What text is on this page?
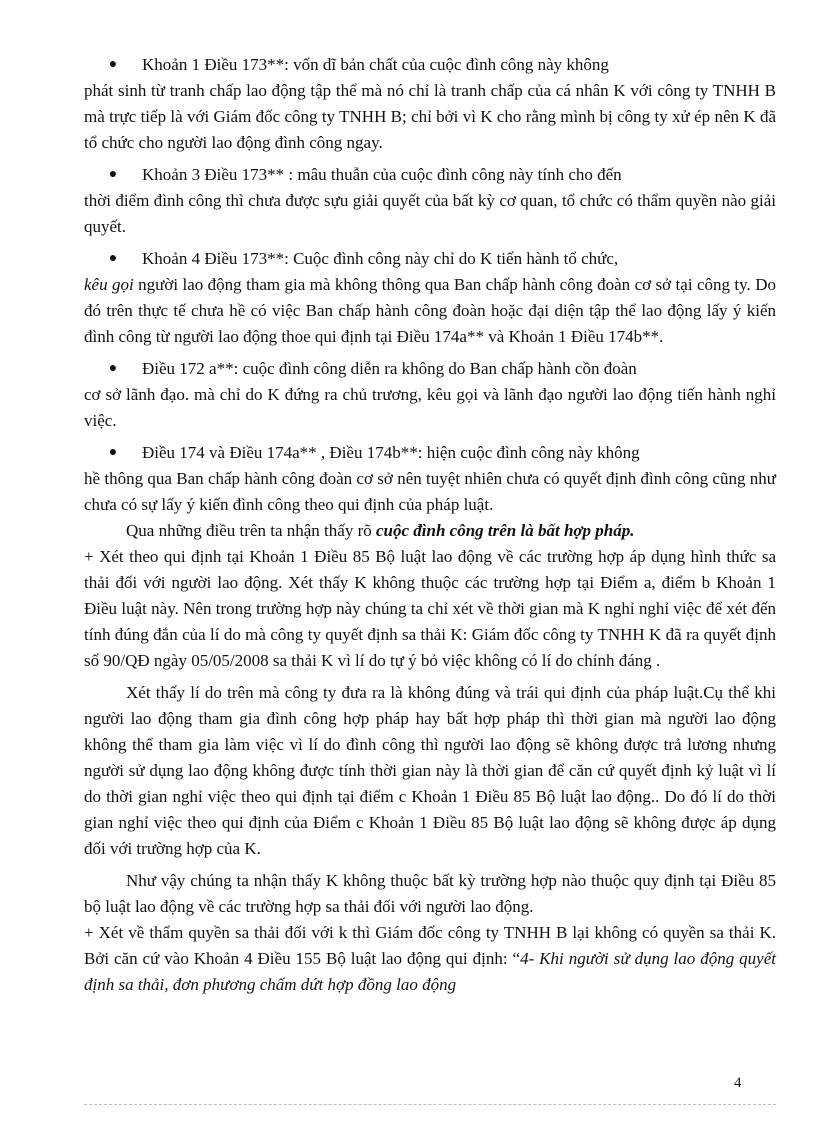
●	Khoản 1 Điều 173**: vốn dĩ bản chất của cuộc đình công này không

phát sinh từ tranh chấp lao động tập thể mà nó chỉ là tranh chấp của cá nhân K với công ty TNHH B mà trực tiếp là với Giám đốc công ty TNHH B; chỉ bởi vì K cho rằng mình bị công ty xử ép nên K đã tổ chức cho người lao động đình công ngay.

●	Khoản 3 Điều 173** : mâu thuẫn của cuộc đình công này tính cho đến

thời điểm đình công thì chưa được sựu giải quyết của bất kỳ cơ quan, tổ chức có thẩm quyền nào giải quyết.

●	Khoản 4 Điều 173**: Cuộc đình công này chỉ do K tiến hành tổ chức,

kêu gọi người lao động tham gia mà không thông qua Ban chấp hành công đoàn cơ sở tại công ty. Do đó trên thực tế chưa hề có việc Ban chấp hành công đoàn hoặc đại diện tập thể lao động lấy ý kiến đình công từ người lao động thoe qui định tại Điều 174a** và Khoản 1 Điều 174b**.

●	Điều 172 a**: cuộc đình công diễn ra không do Ban chấp hành cồn đoàn

cơ sở lãnh đạo. mà chỉ do K đứng ra chủ trương, kêu gọi và lãnh đạo người lao động tiến hành nghỉ việc.

●	Điều 174 và Điều 174a** , Điều 174b**: hiện cuộc đình công này không

hề thông qua Ban chấp hành công đoàn cơ sở nên tuyệt nhiên chưa có quyết định đình công cũng như chưa có sự lấy ý kiến đình công theo qui định của pháp luật.

Qua những điều trên ta nhận thấy rõ cuộc đình công trên là bất hợp pháp.

+ Xét theo qui định tại Khoản 1 Điều 85 Bộ luật lao động về các trường hợp áp dụng hình thức sa thải đối với người lao động. Xét thấy K không thuộc các trường hợp tại Điểm a, điểm b Khoản 1 Điều luật này. Nên trong trường hợp này chúng ta chỉ xét về thời gian mà K nghỉ nghỉ việc để xét đến tính đúng đắn của lí do mà công ty quyết định sa thải K: Giám đốc công ty TNHH K đã ra quyết định số 90/QĐ ngày 05/05/2008 sa thải K vì lí do tự ý bỏ việc không có lí do chính đáng .

Xét thấy lí do trên mà công ty đưa ra là không đúng và trái qui định của pháp luật.Cụ thể khi người lao động tham gia đình công hợp pháp hay bất hợp pháp thì thời gian mà người lao động không thể tham gia làm việc vì lí do đình công thì người lao động sẽ không được trả lương nhưng người sử dụng lao động không được tính thời gian này là thời gian để căn cứ quyết định kỷ luật vì lí do thời gian nghỉ việc theo qui định tại điểm c Khoản 1 Điều 85 Bộ luật lao động.. Do đó lí do thời gian nghỉ việc theo qui định của Điểm c Khoản 1 Điều 85 Bộ luật lao động sẽ không được áp dụng đối với trường hợp của K.

Như vậy chúng ta nhận thấy K không thuộc bất kỳ trường hợp nào thuộc quy định tại Điều 85 bộ luật lao động về các trường hợp sa thải đối với người lao động.

+ Xét về thẩm quyền sa thải đối với k thì Giám đốc công ty TNHH B lại không có quyền sa thải K. Bởi căn cứ vào Khoản 4 Điều 155 Bộ luật lao động qui định: “4- Khi người sử dụng lao động quyết định sa thải, đơn phương chấm dứt hợp đồng lao động

4
